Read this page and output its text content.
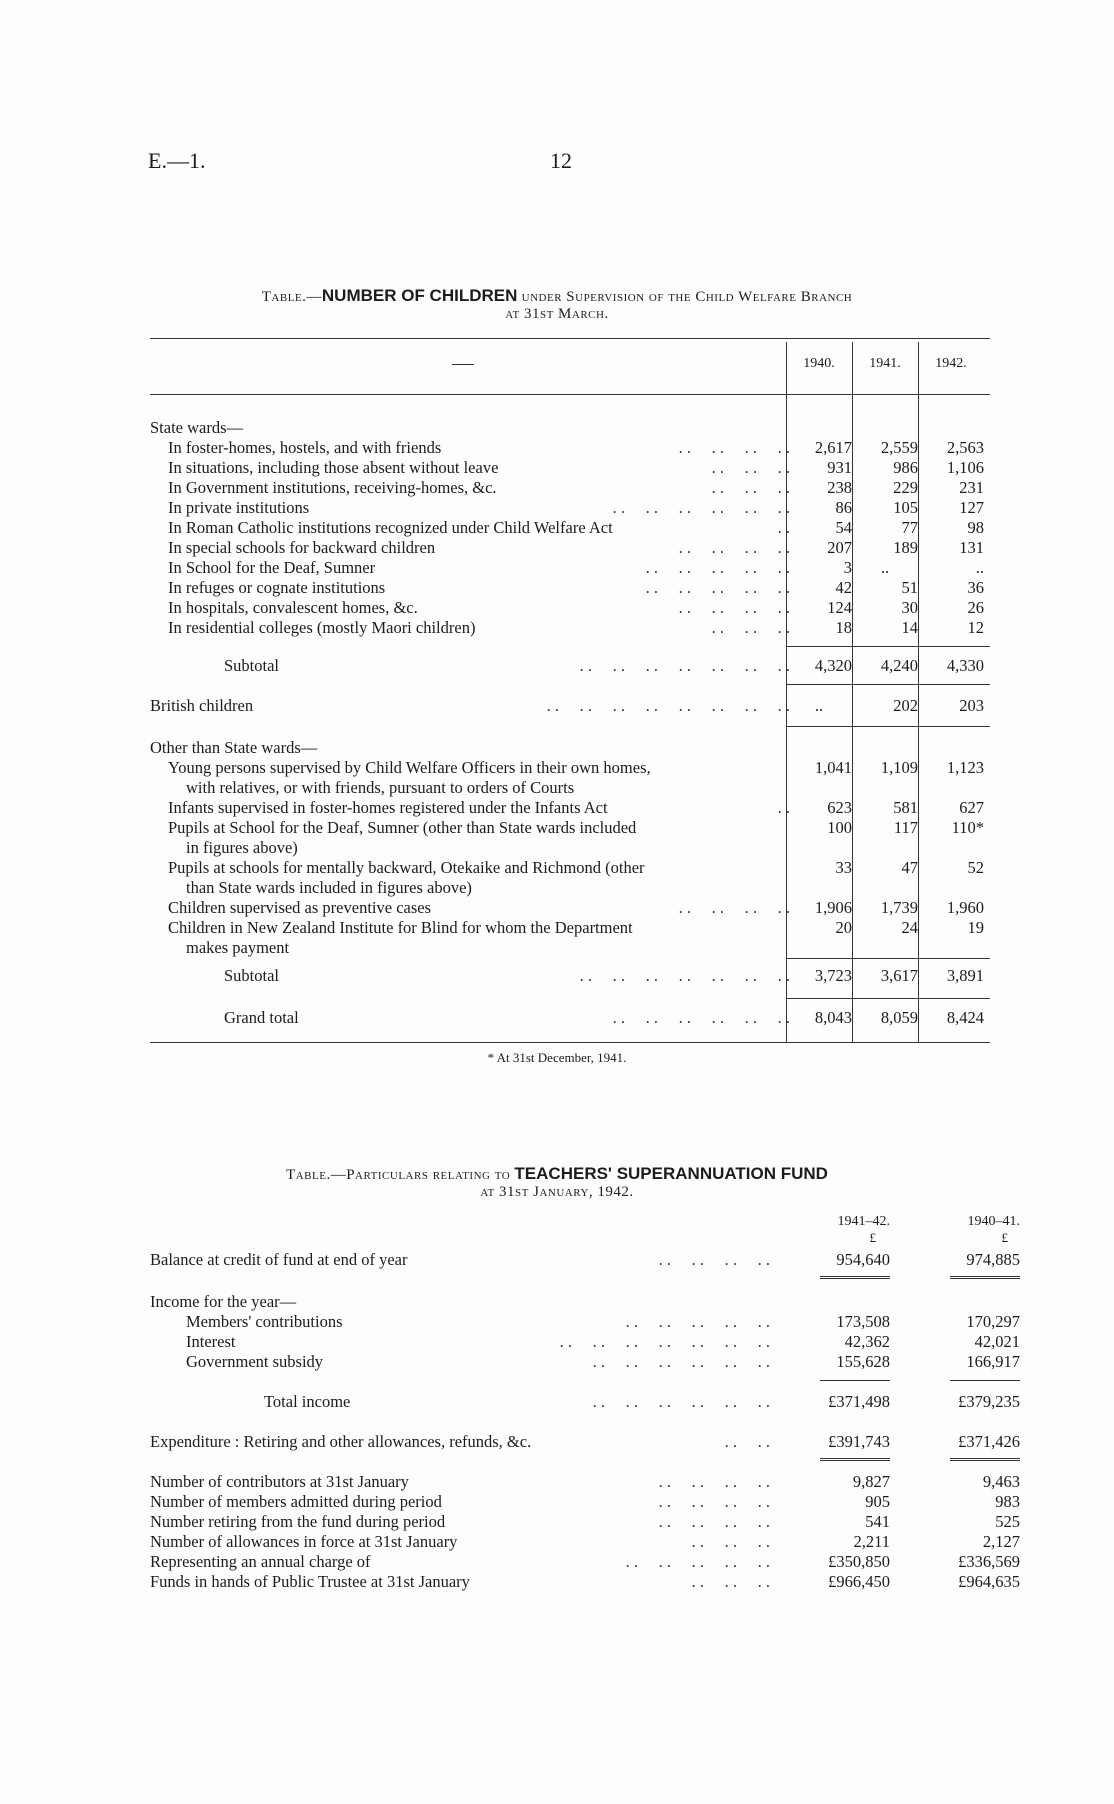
E.—1.	12
Table.—NUMBER OF CHILDREN under Supervision of the Child Welfare Branch
at 31st March.
1940.	1941.	1942.
State wards—
In foster-homes, hostels, and with friends	. .     . .     . .     . .	2,617	2,559	2,563
In situations, including those absent without leave	. .     . .     . .	931	986	1,106
In Government institutions, receiving-homes, &c.	. .     . .     . .	238	229	231
In private institutions	. .     . .     . .     . .     . .     . .	86	105	127
In Roman Catholic institutions recognized under Child Welfare Act	. .	54	77	98
In special schools for backward children	. .     . .     . .     . .	207	189	131
In School for the Deaf, Sumner	. .     . .     . .     . .     . .	3	..	..
In refuges or cognate institutions	. .     . .     . .     . .     . .	42	51	36
In hospitals, convalescent homes, &c.	. .     . .     . .     . .	124	30	26
In residential colleges (mostly Maori children)	. .     . .     . .	18	14	12
Subtotal	. .     . .     . .     . .     . .     . .     . .	4,320	4,240	4,330
British children	. .     . .     . .     . .     . .     . .     . .     . .	..	202	203
Other than State wards—
Young persons supervised by Child Welfare Officers in their own homes,	1,041	1,109	1,123
with relatives, or with friends, pursuant to orders of Courts
Infants supervised in foster-homes registered under the Infants Act	. .	623	581	627
Pupils at School for the Deaf, Sumner (other than State wards included	100	117	110*
in figures above)
Pupils at schools for mentally backward, Otekaike and Richmond (other	33	47	52
than State wards included in figures above)
Children supervised as preventive cases	. .     . .     . .     . .	1,906	1,739	1,960
Children in New Zealand Institute for Blind for whom the Department	20	24	19
makes payment
Subtotal	. .     . .     . .     . .     . .     . .     . .	3,723	3,617	3,891
Grand total	. .     . .     . .     . .     . .     . .	8,043	8,059	8,424
* At 31st December, 1941.
Table.—Particulars relating to TEACHERS' SUPERANNUATION FUND
at 31st January, 1942.
1941–42.	1940–41.
£	£
Balance at credit of fund at end of year	. .     . .     . .     . .	954,640	974,885
Income for the year—
Members' contributions	. .     . .     . .     . .     . .	173,508	170,297
Interest	. .     . .     . .     . .     . .     . .     . .	42,362	42,021
Government subsidy	. .     . .     . .     . .     . .     . .	155,628	166,917
Total income	. .     . .     . .     . .     . .     . .	£371,498	£379,235
Expenditure : Retiring and other allowances, refunds, &c.	. .     . .	£391,743	£371,426
Number of contributors at 31st January	. .     . .     . .     . .	9,827	9,463
Number of members admitted during period	. .     . .     . .     . .	905	983
Number retiring from the fund during period	. .     . .     . .     . .	541	525
Number of allowances in force at 31st January	. .     . .     . .	2,211	2,127
Representing an annual charge of	. .     . .     . .     . .     . .	£350,850	£336,569
Funds in hands of Public Trustee at 31st January	. .     . .     . .	£966,450	£964,635
